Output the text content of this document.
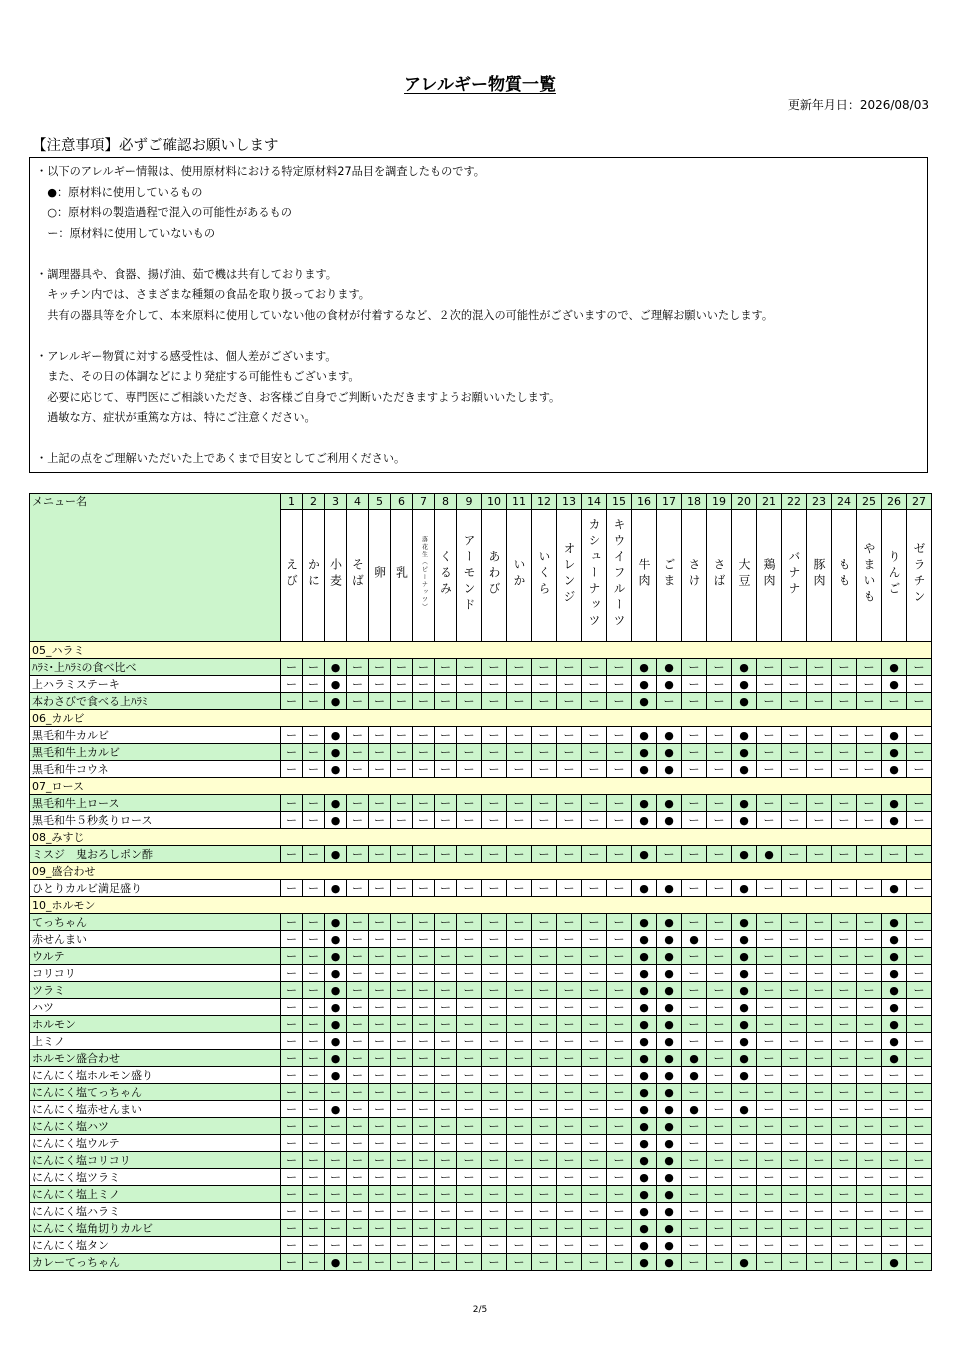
アレルギー物質一覧
更新年月日：2026/08/03
【注意事項】必ずご確認お願いします
・以下のアレルギー情報は、使用原材料における特定原材料27品目を調査したものです。
　●：原材料に使用しているもの
　○：原材料の製造過程で混入の可能性があるもの
　ー：原材料に使用していないもの
・調理器具や、食器、揚げ油、茹で機は共有しております。
　キッチン内では、さまざまな種類の食品を取り扱っております。
　共有の器具等を介して、本来原料に使用していない他の食材が付着するなど、２次的混入の可能性がございますので、ご理解お願いいたします。
・アレルギー物質に対する感受性は、個人差がございます。
　また、その日の体調などにより発症する可能性もございます。
　必要に応じて、専門医にご相談いただき、お客様ご自身でご判断いただきますようお願いいたします。
　過敏な方、症状が重篤な方は、特にご注意ください。
・上記の点をご理解いただいた上であくまで目安としてご利用ください。
メニュー名	1	2	3	4	5	6	7	8	9	10	11	12	13	14	15	16	17	18	19	20	21	22	23	24	25	26	27
	えび	かに	小麦	そば	卵	乳	落花生（ピーナッツ）	くるみ	アーモンド	あわび	いか	いくら	オレンジ	カシューナッツ	キウイフルーツ	牛肉	ごま	さけ	さば	大豆	鶏肉	バナナ	豚肉	もも	やまいも	りんご	ゼラチン
05_ハラミ																											
ﾊﾗﾐ･上ﾊﾗﾐの食べ比べ	ー	ー	●	ー	ー	ー	ー	ー	ー	ー	ー	ー	ー	ー	ー	●	●	ー	ー	●	ー	ー	ー	ー	ー	●	ー
上ハラミステーキ	ー	ー	●	ー	ー	ー	ー	ー	ー	ー	ー	ー	ー	ー	ー	●	●	ー	ー	●	ー	ー	ー	ー	ー	●	ー
本わさびで食べる上ﾊﾗﾐ	ー	ー	●	ー	ー	ー	ー	ー	ー	ー	ー	ー	ー	ー	ー	●	ー	ー	ー	●	ー	ー	ー	ー	ー	ー	ー
06_カルビ																											
黒毛和牛カルビ	ー	ー	●	ー	ー	ー	ー	ー	ー	ー	ー	ー	ー	ー	ー	●	●	ー	ー	●	ー	ー	ー	ー	ー	●	ー
黒毛和牛上カルビ	ー	ー	●	ー	ー	ー	ー	ー	ー	ー	ー	ー	ー	ー	ー	●	●	ー	ー	●	ー	ー	ー	ー	ー	●	ー
黒毛和牛コウネ	ー	ー	●	ー	ー	ー	ー	ー	ー	ー	ー	ー	ー	ー	ー	●	●	ー	ー	●	ー	ー	ー	ー	ー	●	ー
07_ロース																											
黒毛和牛上ロース	ー	ー	●	ー	ー	ー	ー	ー	ー	ー	ー	ー	ー	ー	ー	●	●	ー	ー	●	ー	ー	ー	ー	ー	●	ー
黒毛和牛５秒炙りロース	ー	ー	●	ー	ー	ー	ー	ー	ー	ー	ー	ー	ー	ー	ー	●	●	ー	ー	●	ー	ー	ー	ー	ー	●	ー
08_みすじ																											
ミスジ　鬼おろしポン酢	ー	ー	●	ー	ー	ー	ー	ー	ー	ー	ー	ー	ー	ー	ー	●	ー	ー	ー	●	●	ー	ー	ー	ー	ー	ー
09_盛合わせ																											
ひとりカルビ満足盛り	ー	ー	●	ー	ー	ー	ー	ー	ー	ー	ー	ー	ー	ー	ー	●	●	ー	ー	●	ー	ー	ー	ー	ー	●	ー
10_ホルモン																											
てっちゃん	ー	ー	●	ー	ー	ー	ー	ー	ー	ー	ー	ー	ー	ー	ー	●	●	ー	ー	●	ー	ー	ー	ー	ー	●	ー
赤せんまい	ー	ー	●	ー	ー	ー	ー	ー	ー	ー	ー	ー	ー	ー	ー	●	●	●	ー	●	ー	ー	ー	ー	ー	●	ー
ウルテ	ー	ー	●	ー	ー	ー	ー	ー	ー	ー	ー	ー	ー	ー	ー	●	●	ー	ー	●	ー	ー	ー	ー	ー	●	ー
コリコリ	ー	ー	●	ー	ー	ー	ー	ー	ー	ー	ー	ー	ー	ー	ー	●	●	ー	ー	●	ー	ー	ー	ー	ー	●	ー
ツラミ	ー	ー	●	ー	ー	ー	ー	ー	ー	ー	ー	ー	ー	ー	ー	●	●	ー	ー	●	ー	ー	ー	ー	ー	●	ー
ハツ	ー	ー	●	ー	ー	ー	ー	ー	ー	ー	ー	ー	ー	ー	ー	●	●	ー	ー	●	ー	ー	ー	ー	ー	●	ー
ホルモン	ー	ー	●	ー	ー	ー	ー	ー	ー	ー	ー	ー	ー	ー	ー	●	●	ー	ー	●	ー	ー	ー	ー	ー	●	ー
上ミノ	ー	ー	●	ー	ー	ー	ー	ー	ー	ー	ー	ー	ー	ー	ー	●	●	ー	ー	●	ー	ー	ー	ー	ー	●	ー
ホルモン盛合わせ	ー	ー	●	ー	ー	ー	ー	ー	ー	ー	ー	ー	ー	ー	ー	●	●	●	ー	●	ー	ー	ー	ー	ー	●	ー
にんにく塩ホルモン盛り	ー	ー	●	ー	ー	ー	ー	ー	ー	ー	ー	ー	ー	ー	ー	●	●	●	ー	●	ー	ー	ー	ー	ー	ー	ー
にんにく塩てっちゃん	ー	ー	ー	ー	ー	ー	ー	ー	ー	ー	ー	ー	ー	ー	ー	●	●	ー	ー	ー	ー	ー	ー	ー	ー	ー	ー
にんにく塩赤せんまい	ー	ー	●	ー	ー	ー	ー	ー	ー	ー	ー	ー	ー	ー	ー	●	●	●	ー	●	ー	ー	ー	ー	ー	ー	ー
にんにく塩ハツ	ー	ー	ー	ー	ー	ー	ー	ー	ー	ー	ー	ー	ー	ー	ー	●	●	ー	ー	ー	ー	ー	ー	ー	ー	ー	ー
にんにく塩ウルテ	ー	ー	ー	ー	ー	ー	ー	ー	ー	ー	ー	ー	ー	ー	ー	●	●	ー	ー	ー	ー	ー	ー	ー	ー	ー	ー
にんにく塩コリコリ	ー	ー	ー	ー	ー	ー	ー	ー	ー	ー	ー	ー	ー	ー	ー	●	●	ー	ー	ー	ー	ー	ー	ー	ー	ー	ー
にんにく塩ツラミ	ー	ー	ー	ー	ー	ー	ー	ー	ー	ー	ー	ー	ー	ー	ー	●	●	ー	ー	ー	ー	ー	ー	ー	ー	ー	ー
にんにく塩上ミノ	ー	ー	ー	ー	ー	ー	ー	ー	ー	ー	ー	ー	ー	ー	ー	●	●	ー	ー	ー	ー	ー	ー	ー	ー	ー	ー
にんにく塩ハラミ	ー	ー	ー	ー	ー	ー	ー	ー	ー	ー	ー	ー	ー	ー	ー	●	●	ー	ー	ー	ー	ー	ー	ー	ー	ー	ー
にんにく塩角切りカルビ	ー	ー	ー	ー	ー	ー	ー	ー	ー	ー	ー	ー	ー	ー	ー	●	●	ー	ー	ー	ー	ー	ー	ー	ー	ー	ー
にんにく塩タン	ー	ー	ー	ー	ー	ー	ー	ー	ー	ー	ー	ー	ー	ー	ー	●	●	ー	ー	ー	ー	ー	ー	ー	ー	ー	ー
カレーてっちゃん	ー	ー	●	ー	ー	ー	ー	ー	ー	ー	ー	ー	ー	ー	ー	●	●	ー	ー	●	ー	ー	ー	ー	ー	●	ー
2/5
